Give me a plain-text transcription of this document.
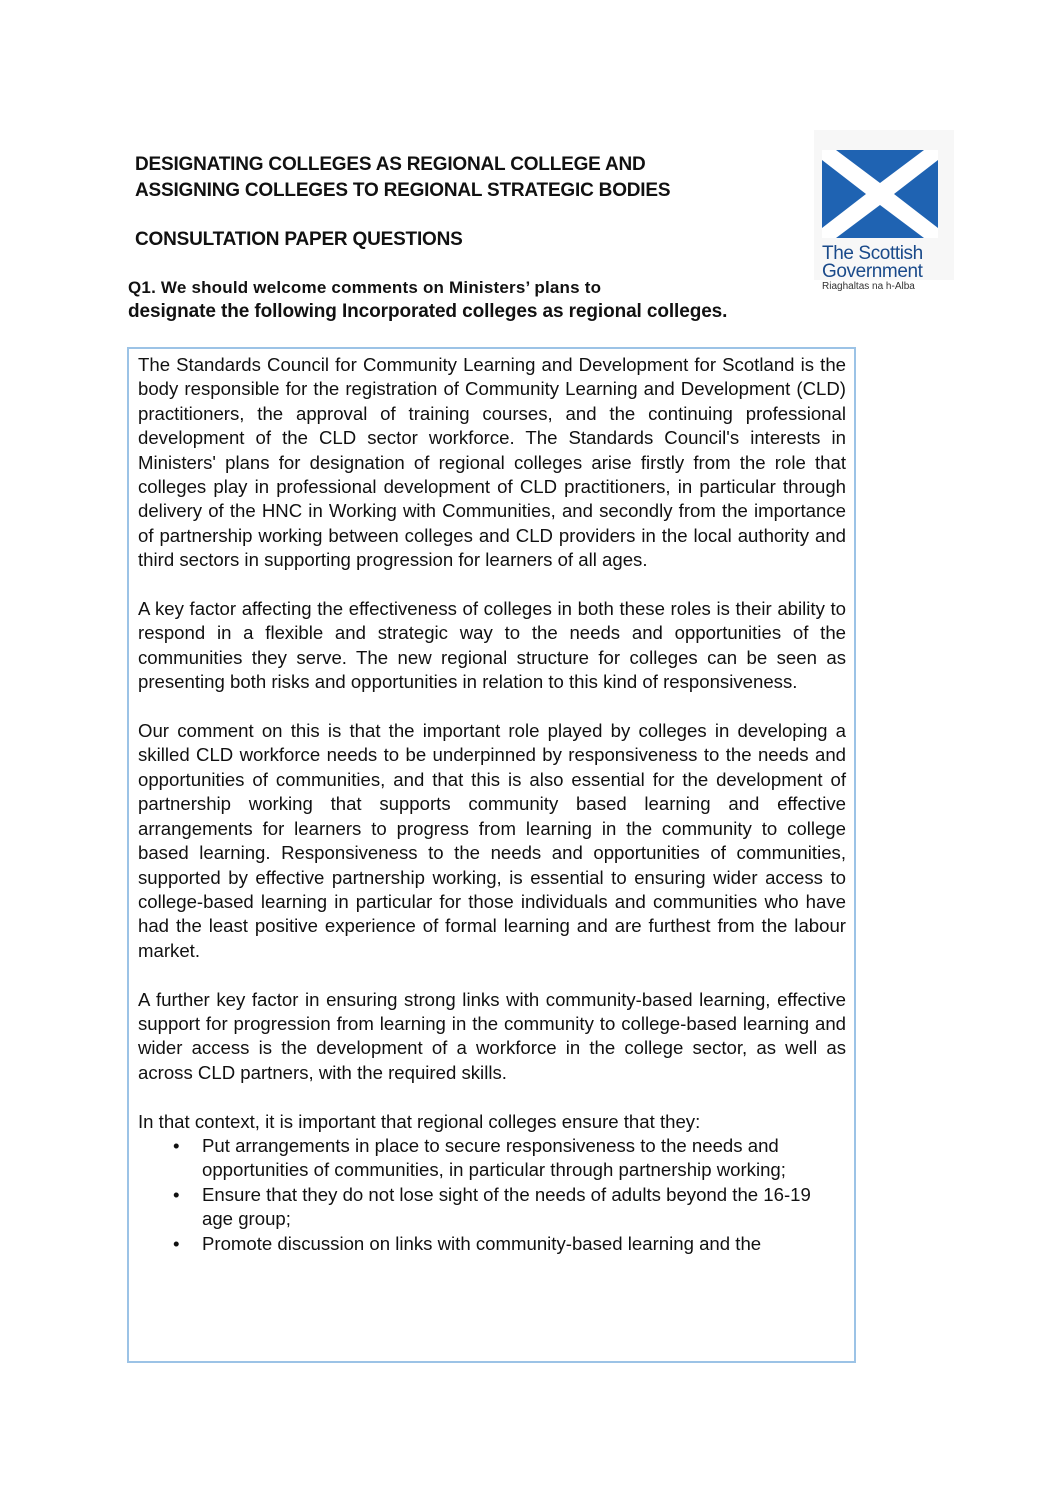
DESIGNATING COLLEGES AS REGIONAL COLLEGE AND

ASSIGNING COLLEGES TO REGIONAL STRATEGIC BODIES

CONSULTATION PAPER QUESTIONS

The Scottish
Government
Riaghaltas na h-Alba
Q1. We should welcome comments on Ministers’ plans to
designate the following Incorporated colleges as regional colleges.

The Standards Council for Community Learning and Development for Scotland is the body responsible for the registration of Community Learning and Development (CLD) practitioners, the approval of training courses, and the continuing professional development of the CLD sector workforce. The Standards Council's interests in Ministers' plans for designation of regional colleges arise firstly from the role that colleges play in professional development of CLD practitioners, in particular through delivery of the HNC in Working with Communities, and secondly from the importance of partnership working between colleges and CLD providers in the local authority and third sectors in supporting progression for learners of all ages.

A key factor affecting the effectiveness of colleges in both these roles is their ability to respond in a flexible and strategic way to the needs and opportunities of the communities they serve. The new regional structure for colleges can be seen as presenting both risks and opportunities in relation to this kind of responsiveness.

Our comment on this is that the important role played by colleges in developing a skilled CLD workforce needs to be underpinned by responsiveness to the needs and opportunities of communities, and that this is also essential for the development of partnership working that supports community based learning and effective arrangements for learners to progress from learning in the community to college based learning. Responsiveness to the needs and opportunities of communities, supported by effective partnership working, is essential to ensuring wider access to college-based learning in particular for those individuals and communities who have had the least positive experience of formal learning and are furthest from the labour market.

A further key factor in ensuring strong links with community-based learning, effective support for progression from learning in the community to college-based learning and wider access is the development of a workforce in the college sector, as well as across CLD partners, with the required skills.

In that context, it is important that regional colleges ensure that they:

• Put arrangements in place to secure responsiveness to the needs and opportunities of communities, in particular through partnership working;
• Ensure that they do not lose sight of the needs of adults beyond the 16-19 age group;
• Promote discussion on links with community-based learning and the
